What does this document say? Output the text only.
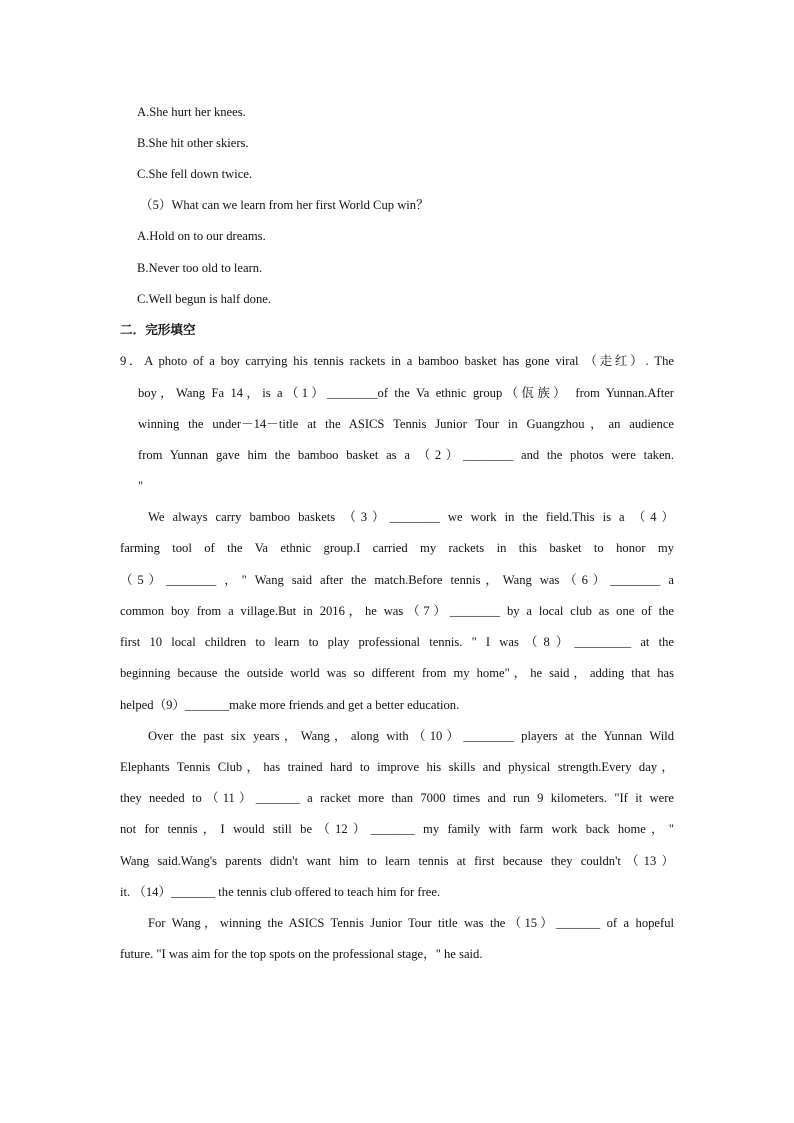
A.She hurt her knees.
B.She hit other skiers.
C.She fell down twice.
（5）What can we learn from her first World Cup win？
A.Hold on to our dreams.
B.Never too old to learn.
C.Well begun is half done.
二．完形填空
9．A photo of a boy carrying his tennis rackets in a bamboo basket has gone viral （走红）. The
boy，Wang Fa 14，is a（1）________of the Va ethnic group（佤族） from Yunnan.After
winning the under－14－title at the ASICS Tennis Junior Tour in Guangzhou，an audience
from Yunnan gave him the bamboo basket as a （2）________ and the photos were taken.
"
We always carry bamboo baskets （3）________ we work in the field.This is a （4）
farming tool of the Va ethnic group.I carried my rackets in this basket to honor my
（5）________ ，" Wang said after the match.Before tennis，Wang was（6）________ a
common boy from a village.But in 2016，he was（7）________ by a local club as one of the
first 10 local children to learn to play professional tennis. " I was（8）_________ at the
beginning because the outside world was so different from my home"，he said，adding that has
helped（9）_______make more friends and get a better education.
Over the past six years，Wang，along with（10）________ players at the Yunnan Wild
Elephants Tennis Club，has trained hard to improve his skills and physical strength.Every day，
they needed to（11）_______ a racket more than 7000 times and run 9 kilometers. "If it were
not for tennis，I would still be（12）_______ my family with farm work back home，"
Wang said.Wang's parents didn't want him to learn tennis at first because they couldn't（13）
it. （14）_______ the tennis club offered to teach him for free.
For Wang，winning the ASICS Tennis Junior Tour title was the（15）_______ of a hopeful
future. "I was aim for the top spots on the professional stage，" he said.
